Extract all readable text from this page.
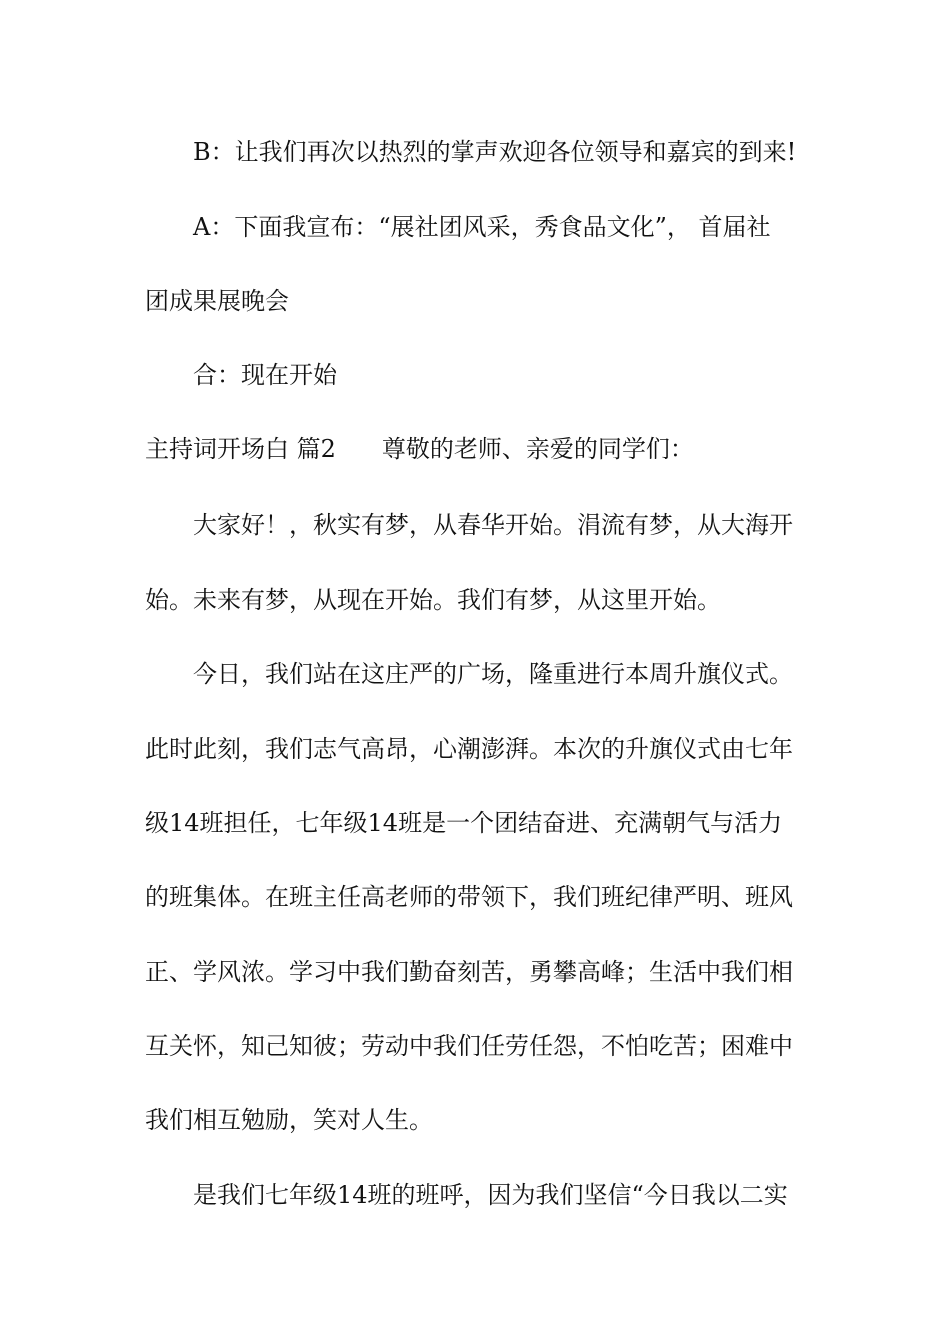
B：让我们再次以热烈的掌声欢迎各位领导和嘉宾的到来!
A：下面我宣布：“展社团风采，秀食品文化”， 首届社
团成果展晚会
合：现在开始
主持词开场白 篇2 尊敬的老师、亲爱的同学们：
大家好！，秋实有梦，从春华开始。涓流有梦，从大海开
始。未来有梦，从现在开始。我们有梦，从这里开始。
今日，我们站在这庄严的广场，隆重进行本周升旗仪式。
此时此刻，我们志气高昂，心潮澎湃。本次的升旗仪式由七年
级14班担任，七年级14班是一个团结奋进、充满朝气与活力
的班集体。在班主任高老师的带领下，我们班纪律严明、班风
正、学风浓。学习中我们勤奋刻苦，勇攀高峰；生活中我们相
互关怀，知己知彼；劳动中我们任劳任怨，不怕吃苦；困难中
我们相互勉励，笑对人生。
是我们七年级14班的班呼，因为我们坚信“今日我以二实
